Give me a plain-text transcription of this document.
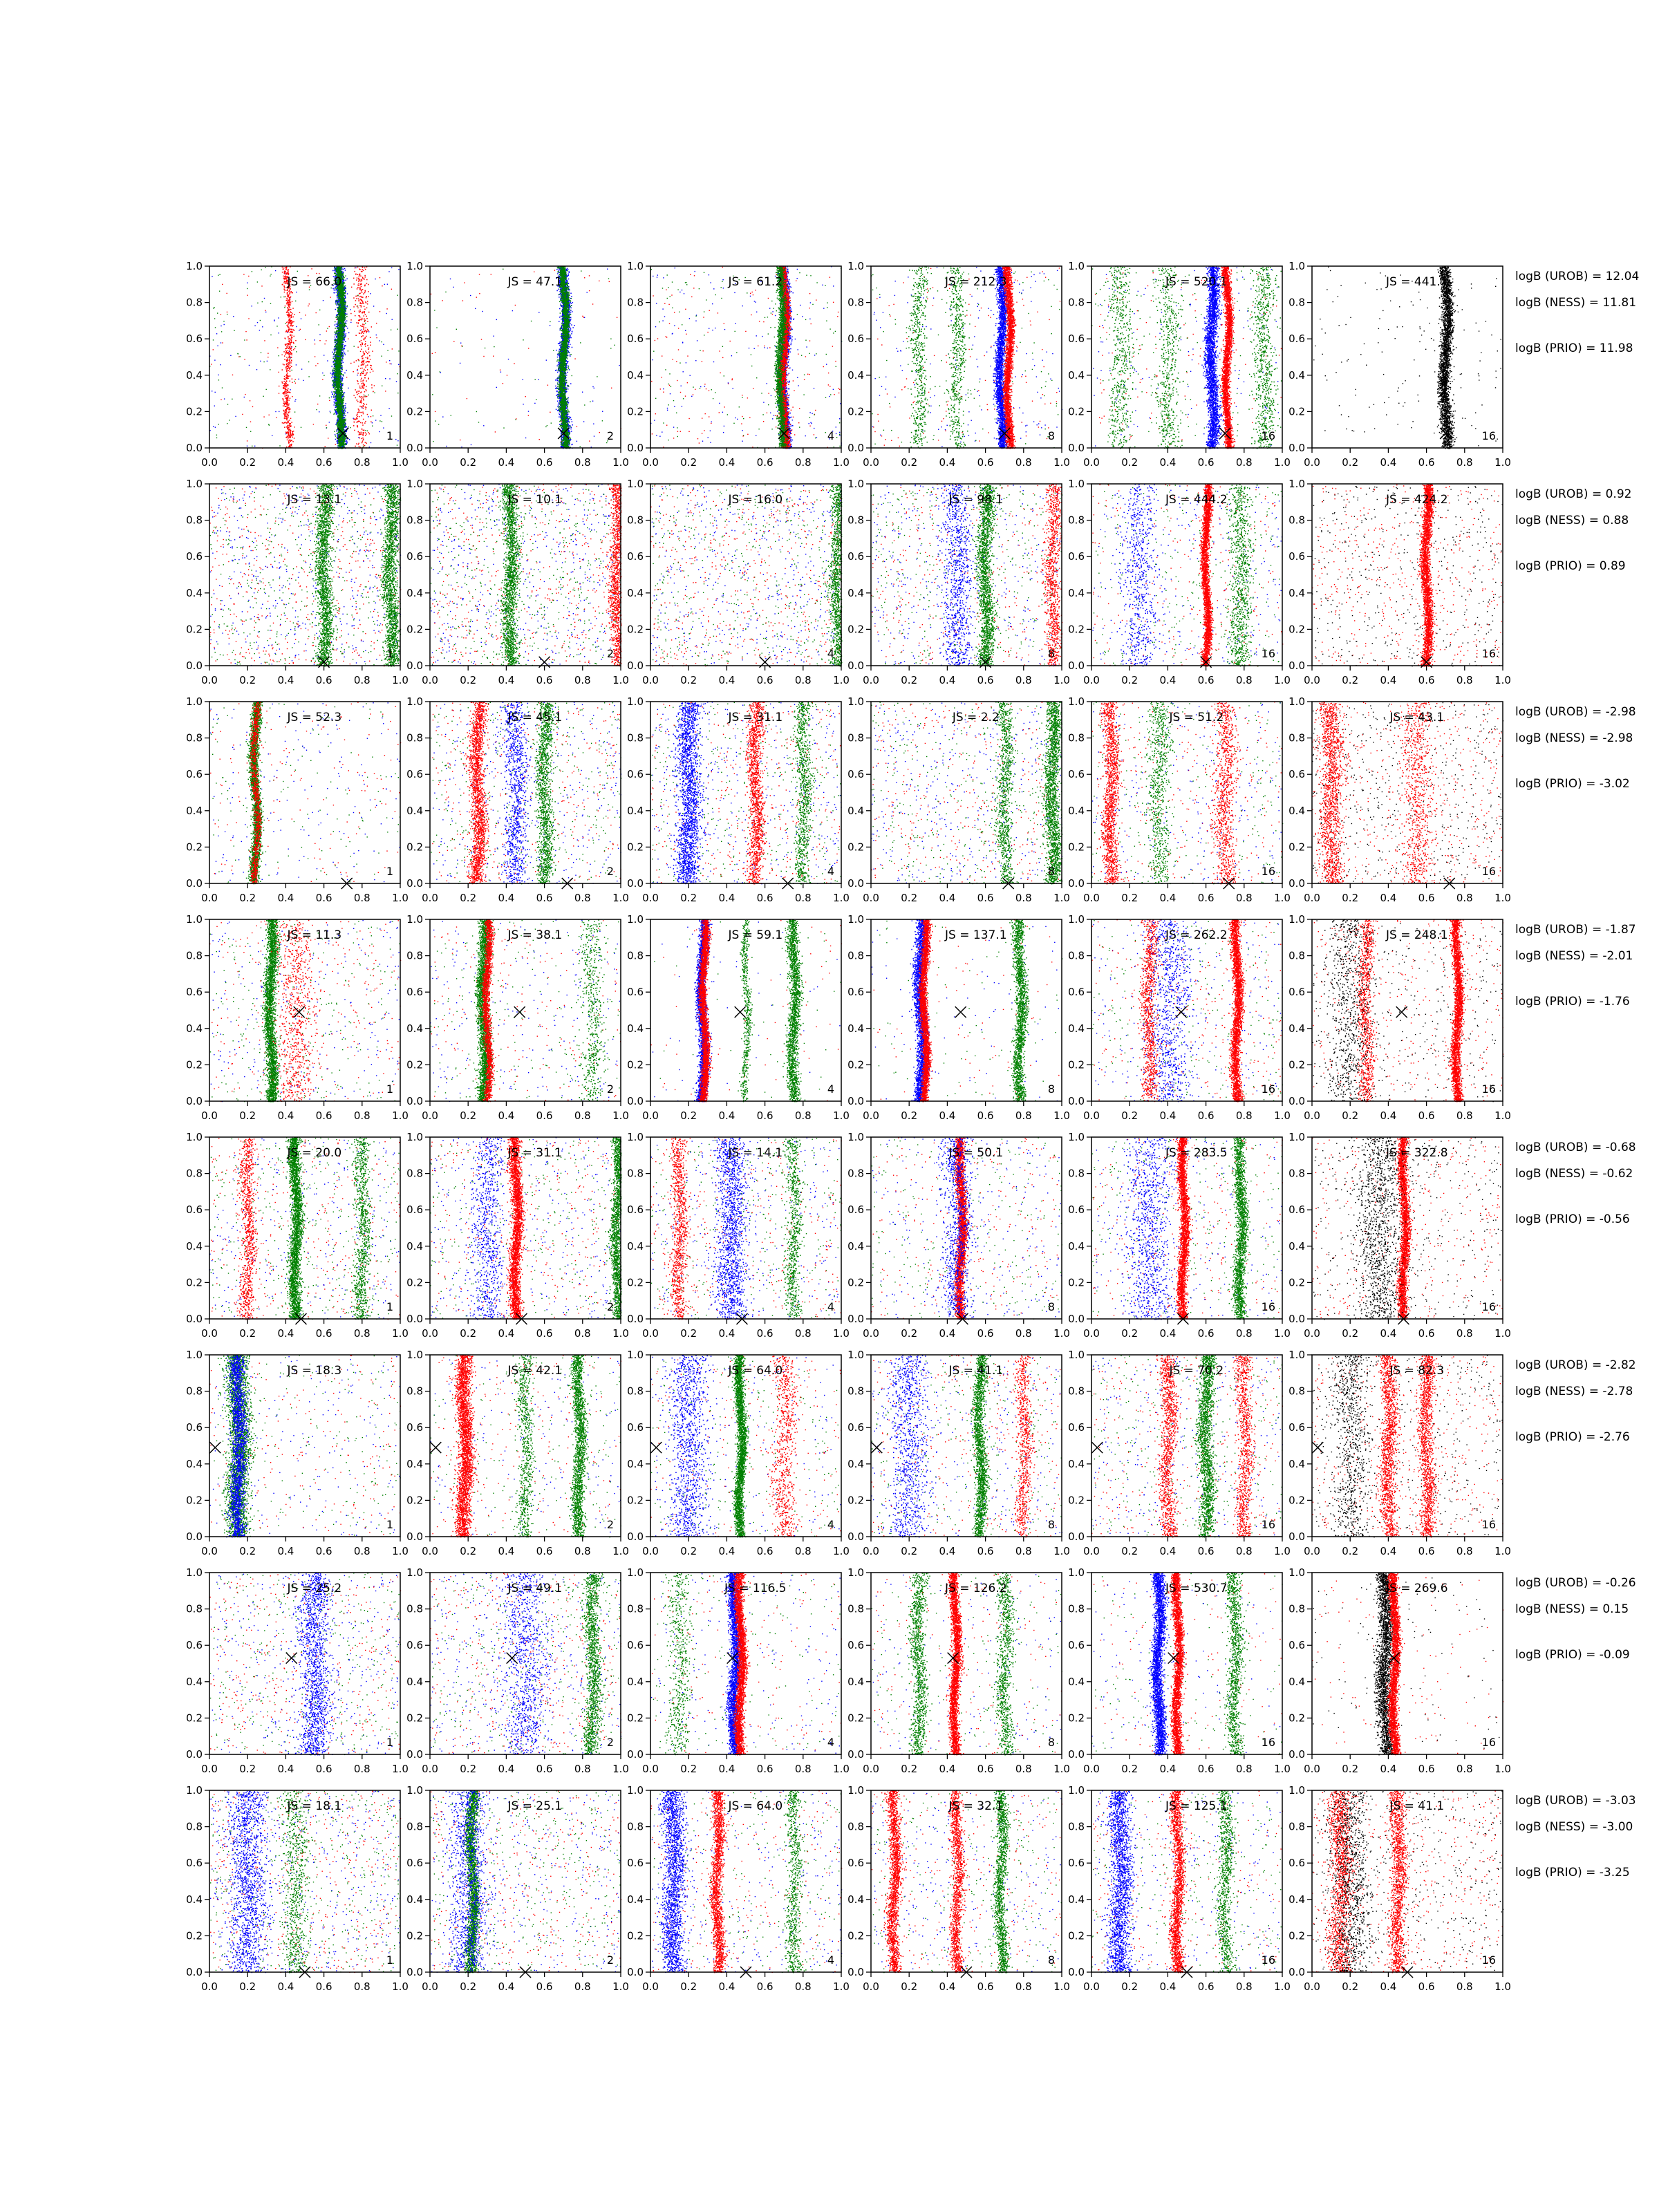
0.0
0.0
0.2
0.2
0.4
0.4
0.6
0.6
0.8
0.8
1.0
1.0
JS = 66.0
1
0.0
0.0
0.2
0.2
0.4
0.4
0.6
0.6
0.8
0.8
1.0
1.0
JS = 47.1
2
0.0
0.0
0.2
0.2
0.4
0.4
0.6
0.6
0.8
0.8
1.0
1.0
JS = 61.2
4
0.0
0.0
0.2
0.2
0.4
0.4
0.6
0.6
0.8
0.8
1.0
1.0
JS = 212.3
8
0.0
0.0
0.2
0.2
0.4
0.4
0.6
0.6
0.8
0.8
1.0
1.0
JS = 520.1
16
0.0
0.0
0.2
0.2
0.4
0.4
0.6
0.6
0.8
0.8
1.0
1.0
JS = 441.1
16
logB (UROB) = 12.04
logB (NESS) = 11.81
logB (PRIO) = 11.98
0.0
0.0
0.2
0.2
0.4
0.4
0.6
0.6
0.8
0.8
1.0
1.0
JS = 13.1
1
0.0
0.0
0.2
0.2
0.4
0.4
0.6
0.6
0.8
0.8
1.0
1.0
JS = 10.1
2
0.0
0.0
0.2
0.2
0.4
0.4
0.6
0.6
0.8
0.8
1.0
1.0
JS = 16.0
4
0.0
0.0
0.2
0.2
0.4
0.4
0.6
0.6
0.8
0.8
1.0
1.0
JS = 98.1
8
0.0
0.0
0.2
0.2
0.4
0.4
0.6
0.6
0.8
0.8
1.0
1.0
JS = 444.2
16
0.0
0.0
0.2
0.2
0.4
0.4
0.6
0.6
0.8
0.8
1.0
1.0
JS = 424.2
16
logB (UROB) = 0.92
logB (NESS) = 0.88
logB (PRIO) = 0.89
0.0
0.0
0.2
0.2
0.4
0.4
0.6
0.6
0.8
0.8
1.0
1.0
JS = 52.3
1
0.0
0.0
0.2
0.2
0.4
0.4
0.6
0.6
0.8
0.8
1.0
1.0
JS = 45.1
2
0.0
0.0
0.2
0.2
0.4
0.4
0.6
0.6
0.8
0.8
1.0
1.0
JS = 31.1
4
0.0
0.0
0.2
0.2
0.4
0.4
0.6
0.6
0.8
0.8
1.0
1.0
JS = 2.2
8
0.0
0.0
0.2
0.2
0.4
0.4
0.6
0.6
0.8
0.8
1.0
1.0
JS = 51.2
16
0.0
0.0
0.2
0.2
0.4
0.4
0.6
0.6
0.8
0.8
1.0
1.0
JS = 43.1
16
logB (UROB) = -2.98
logB (NESS) = -2.98
logB (PRIO) = -3.02
0.0
0.0
0.2
0.2
0.4
0.4
0.6
0.6
0.8
0.8
1.0
1.0
JS = 11.3
1
0.0
0.0
0.2
0.2
0.4
0.4
0.6
0.6
0.8
0.8
1.0
1.0
JS = 38.1
2
0.0
0.0
0.2
0.2
0.4
0.4
0.6
0.6
0.8
0.8
1.0
1.0
JS = 59.1
4
0.0
0.0
0.2
0.2
0.4
0.4
0.6
0.6
0.8
0.8
1.0
1.0
JS = 137.1
8
0.0
0.0
0.2
0.2
0.4
0.4
0.6
0.6
0.8
0.8
1.0
1.0
JS = 262.2
16
0.0
0.0
0.2
0.2
0.4
0.4
0.6
0.6
0.8
0.8
1.0
1.0
JS = 248.1
16
logB (UROB) = -1.87
logB (NESS) = -2.01
logB (PRIO) = -1.76
0.0
0.0
0.2
0.2
0.4
0.4
0.6
0.6
0.8
0.8
1.0
1.0
JS = 20.0
1
0.0
0.0
0.2
0.2
0.4
0.4
0.6
0.6
0.8
0.8
1.0
1.0
JS = 31.1
2
0.0
0.0
0.2
0.2
0.4
0.4
0.6
0.6
0.8
0.8
1.0
1.0
JS = 14.1
4
0.0
0.0
0.2
0.2
0.4
0.4
0.6
0.6
0.8
0.8
1.0
1.0
JS = 50.1
8
0.0
0.0
0.2
0.2
0.4
0.4
0.6
0.6
0.8
0.8
1.0
1.0
JS = 283.5
16
0.0
0.0
0.2
0.2
0.4
0.4
0.6
0.6
0.8
0.8
1.0
1.0
JS = 322.8
16
logB (UROB) = -0.68
logB (NESS) = -0.62
logB (PRIO) = -0.56
0.0
0.0
0.2
0.2
0.4
0.4
0.6
0.6
0.8
0.8
1.0
1.0
JS = 18.3
1
0.0
0.0
0.2
0.2
0.4
0.4
0.6
0.6
0.8
0.8
1.0
1.0
JS = 42.1
2
0.0
0.0
0.2
0.2
0.4
0.4
0.6
0.6
0.8
0.8
1.0
1.0
JS = 64.0
4
0.0
0.0
0.2
0.2
0.4
0.4
0.6
0.6
0.8
0.8
1.0
1.0
JS = 41.1
8
0.0
0.0
0.2
0.2
0.4
0.4
0.6
0.6
0.8
0.8
1.0
1.0
JS = 70.2
16
0.0
0.0
0.2
0.2
0.4
0.4
0.6
0.6
0.8
0.8
1.0
1.0
JS = 82.3
16
logB (UROB) = -2.82
logB (NESS) = -2.78
logB (PRIO) = -2.76
0.0
0.0
0.2
0.2
0.4
0.4
0.6
0.6
0.8
0.8
1.0
1.0
JS = 25.2
1
0.0
0.0
0.2
0.2
0.4
0.4
0.6
0.6
0.8
0.8
1.0
1.0
JS = 49.1
2
0.0
0.0
0.2
0.2
0.4
0.4
0.6
0.6
0.8
0.8
1.0
1.0
JS = 116.5
4
0.0
0.0
0.2
0.2
0.4
0.4
0.6
0.6
0.8
0.8
1.0
1.0
JS = 126.2
8
0.0
0.0
0.2
0.2
0.4
0.4
0.6
0.6
0.8
0.8
1.0
1.0
JS = 530.7
16
0.0
0.0
0.2
0.2
0.4
0.4
0.6
0.6
0.8
0.8
1.0
1.0
JS = 269.6
16
logB (UROB) = -0.26
logB (NESS) = 0.15
logB (PRIO) = -0.09
0.0
0.0
0.2
0.2
0.4
0.4
0.6
0.6
0.8
0.8
1.0
1.0
JS = 18.1
1
0.0
0.0
0.2
0.2
0.4
0.4
0.6
0.6
0.8
0.8
1.0
1.0
JS = 25.1
2
0.0
0.0
0.2
0.2
0.4
0.4
0.6
0.6
0.8
0.8
1.0
1.0
JS = 64.0
4
0.0
0.0
0.2
0.2
0.4
0.4
0.6
0.6
0.8
0.8
1.0
1.0
JS = 32.1
8
0.0
0.0
0.2
0.2
0.4
0.4
0.6
0.6
0.8
0.8
1.0
1.0
JS = 125.1
16
0.0
0.0
0.2
0.2
0.4
0.4
0.6
0.6
0.8
0.8
1.0
1.0
JS = 41.1
16
logB (UROB) = -3.03
logB (NESS) = -3.00
logB (PRIO) = -3.25
